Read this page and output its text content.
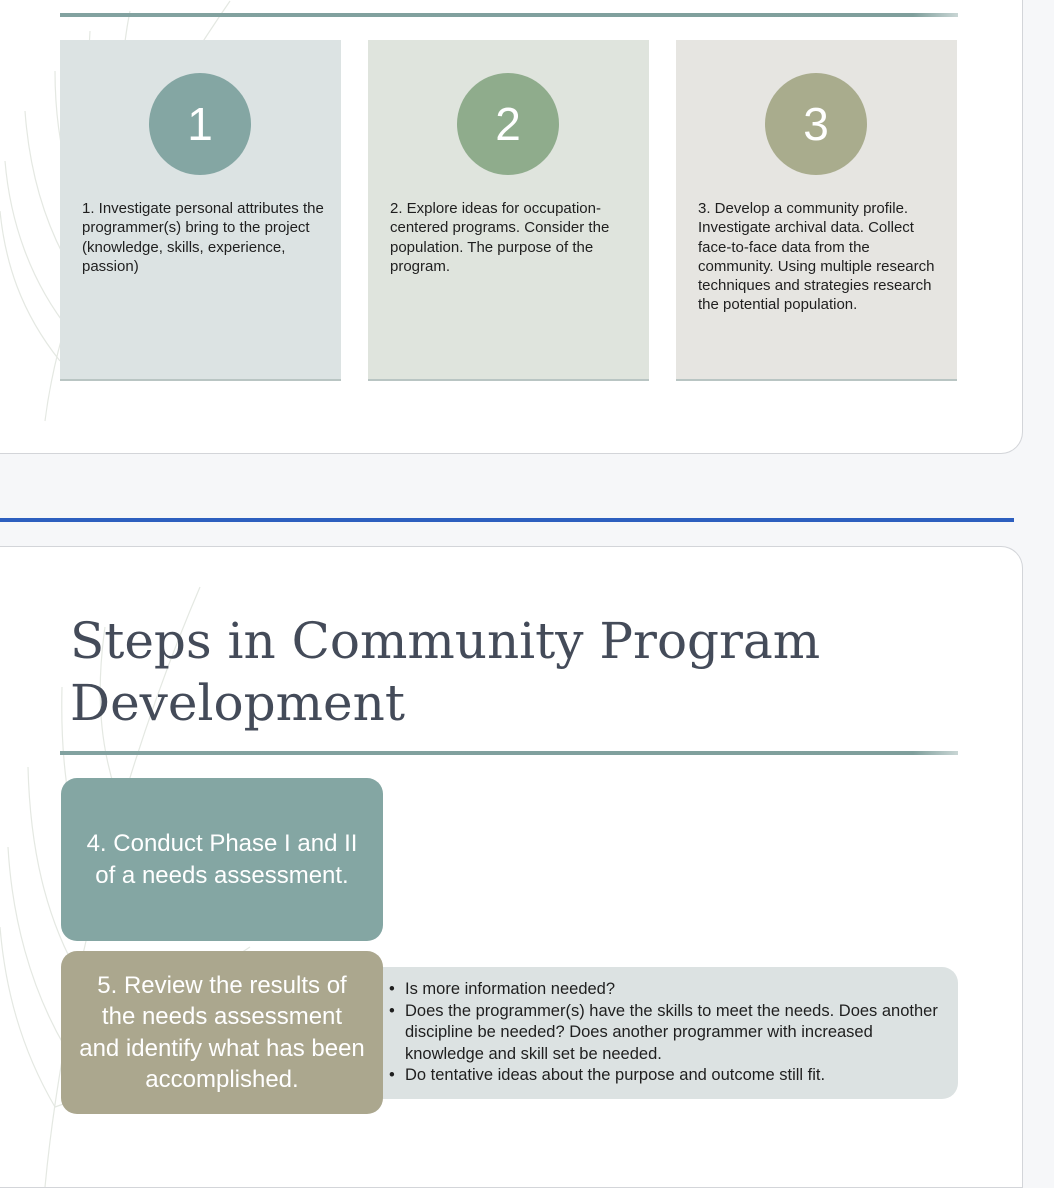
1
1. Investigate personal attributes the programmer(s) bring to the project (knowledge, skills, experience, passion)
2
2. Explore ideas for occupation-centered programs. Consider the population. The purpose of the program.
3
3. Develop a community profile. Investigate archival data. Collect face-to-face data from the community. Using multiple research techniques and strategies research the potential population.
Steps in Community Program Development
4. Conduct Phase I and II of a needs assessment.
• Is more information needed?
• Does the programmer(s) have the skills to meet the needs. Does another discipline be needed? Does another programmer with increased knowledge and skill set be needed.
• Do tentative ideas about the purpose and outcome still fit.
5. Review the results of the needs assessment and identify what has been accomplished.
